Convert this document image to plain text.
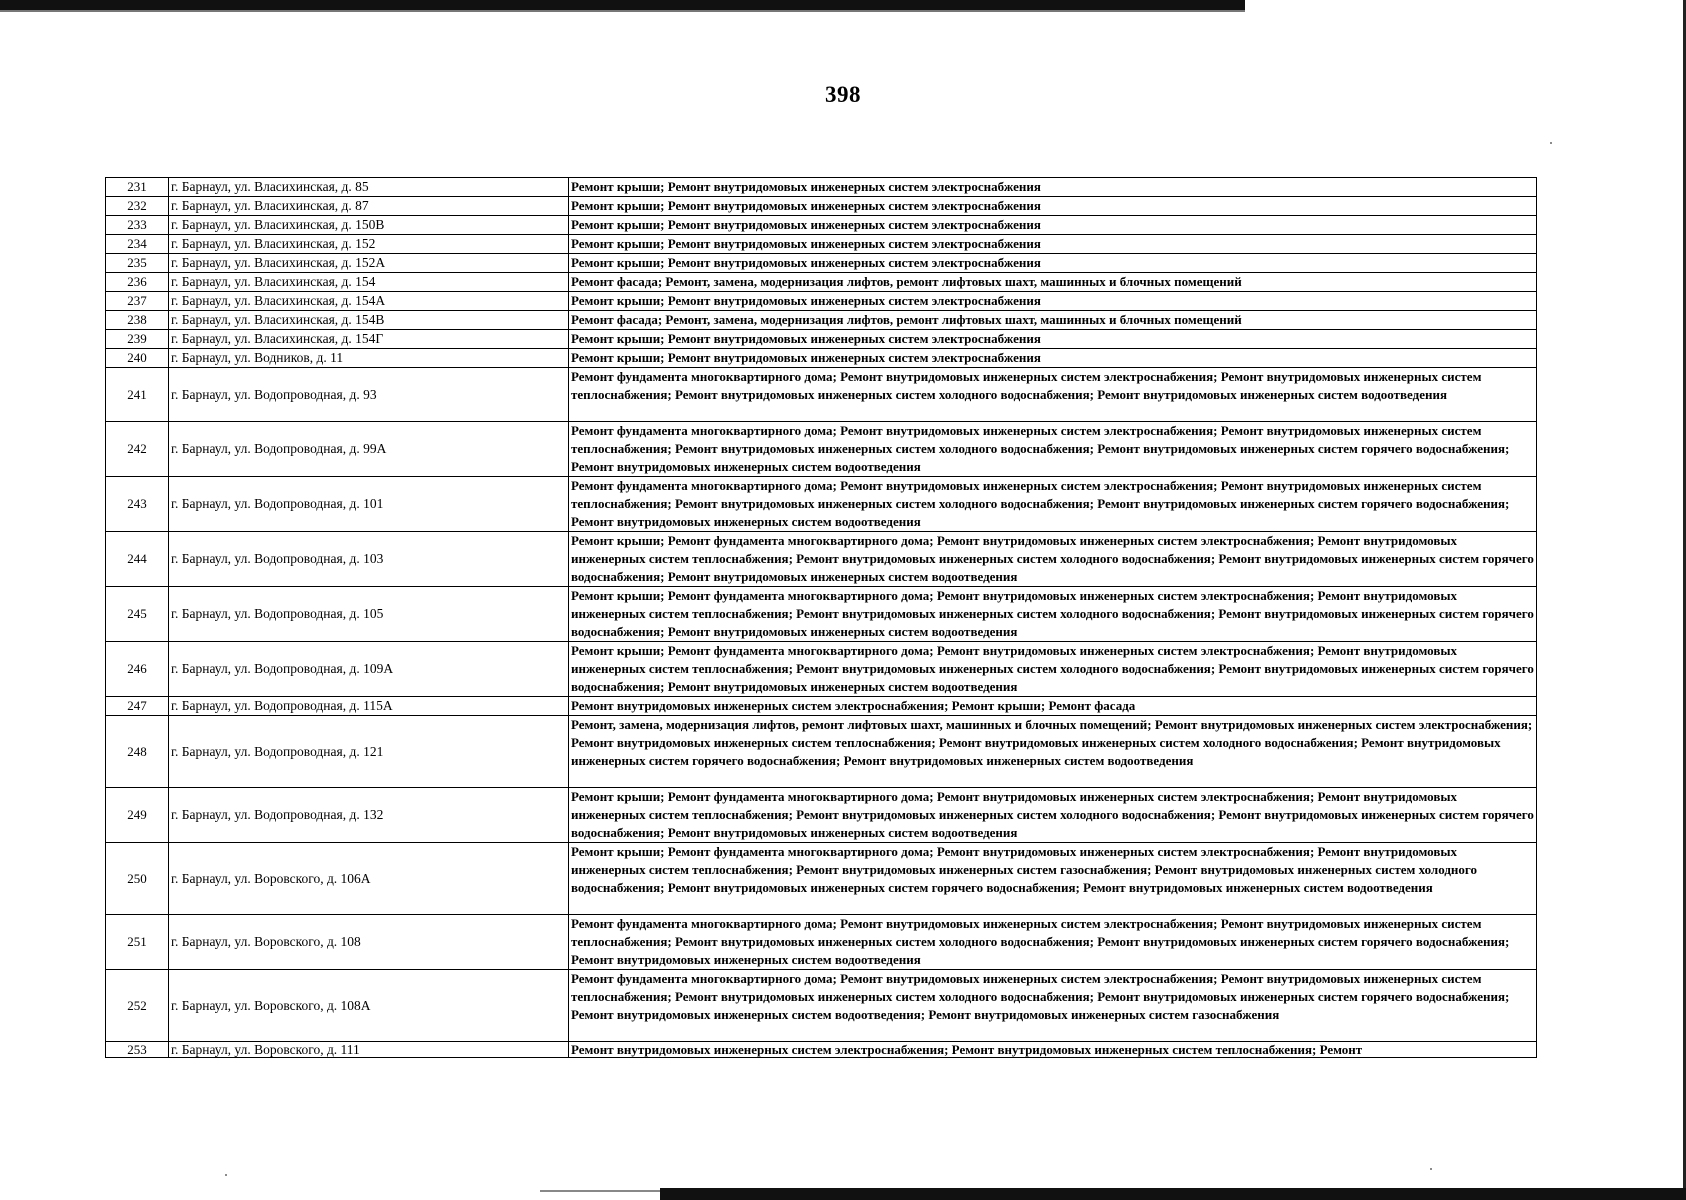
398
231	г. Барнаул, ул. Власихинская, д. 85	Ремонт крыши; Ремонт внутридомовых инженерных систем электроснабжения
232	г. Барнаул, ул. Власихинская, д. 87	Ремонт крыши; Ремонт внутридомовых инженерных систем электроснабжения
233	г. Барнаул, ул. Власихинская, д. 150В	Ремонт крыши; Ремонт внутридомовых инженерных систем электроснабжения
234	г. Барнаул, ул. Власихинская, д. 152	Ремонт крыши; Ремонт внутридомовых инженерных систем электроснабжения
235	г. Барнаул, ул. Власихинская, д. 152А	Ремонт крыши; Ремонт внутридомовых инженерных систем электроснабжения
236	г. Барнаул, ул. Власихинская, д. 154	Ремонт фасада; Ремонт, замена, модернизация лифтов, ремонт лифтовых шахт, машинных и блочных помещений
237	г. Барнаул, ул. Власихинская, д. 154А	Ремонт крыши; Ремонт внутридомовых инженерных систем электроснабжения
238	г. Барнаул, ул. Власихинская, д. 154В	Ремонт фасада; Ремонт, замена, модернизация лифтов, ремонт лифтовых шахт, машинных и блочных помещений
239	г. Барнаул, ул. Власихинская, д. 154Г	Ремонт крыши; Ремонт внутридомовых инженерных систем электроснабжения
240	г. Барнаул, ул. Водников, д. 11	Ремонт крыши; Ремонт внутридомовых инженерных систем электроснабжения
241	г. Барнаул, ул. Водопроводная, д. 93	Ремонт фундамента многоквартирного дома; Ремонт внутридомовых инженерных систем электроснабжения; Ремонт внутридомовых инженерных систем теплоснабжения; Ремонт внутридомовых инженерных систем холодного водоснабжения; Ремонт внутридомовых инженерных систем водоотведения
242	г. Барнаул, ул. Водопроводная, д. 99А	Ремонт фундамента многоквартирного дома; Ремонт внутридомовых инженерных систем электроснабжения; Ремонт внутридомовых инженерных систем теплоснабжения; Ремонт внутридомовых инженерных систем холодного водоснабжения; Ремонт внутридомовых инженерных систем горячего водоснабжения; Ремонт внутридомовых инженерных систем водоотведения
243	г. Барнаул, ул. Водопроводная, д. 101	Ремонт фундамента многоквартирного дома; Ремонт внутридомовых инженерных систем электроснабжения; Ремонт внутридомовых инженерных систем теплоснабжения; Ремонт внутридомовых инженерных систем холодного водоснабжения; Ремонт внутридомовых инженерных систем горячего водоснабжения; Ремонт внутридомовых инженерных систем водоотведения
244	г. Барнаул, ул. Водопроводная, д. 103	Ремонт крыши; Ремонт фундамента многоквартирного дома; Ремонт внутридомовых инженерных систем электроснабжения; Ремонт внутридомовых инженерных систем теплоснабжения; Ремонт внутридомовых инженерных систем холодного водоснабжения; Ремонт внутридомовых инженерных систем горячего водоснабжения; Ремонт внутридомовых инженерных систем водоотведения
245	г. Барнаул, ул. Водопроводная, д. 105	Ремонт крыши; Ремонт фундамента многоквартирного дома; Ремонт внутридомовых инженерных систем электроснабжения; Ремонт внутридомовых инженерных систем теплоснабжения; Ремонт внутридомовых инженерных систем холодного водоснабжения; Ремонт внутридомовых инженерных систем горячего водоснабжения; Ремонт внутридомовых инженерных систем водоотведения
246	г. Барнаул, ул. Водопроводная, д. 109А	Ремонт крыши; Ремонт фундамента многоквартирного дома; Ремонт внутридомовых инженерных систем электроснабжения; Ремонт внутридомовых инженерных систем теплоснабжения; Ремонт внутридомовых инженерных систем холодного водоснабжения; Ремонт внутридомовых инженерных систем горячего водоснабжения; Ремонт внутридомовых инженерных систем водоотведения
247	г. Барнаул, ул. Водопроводная, д. 115А	Ремонт внутридомовых инженерных систем электроснабжения; Ремонт крыши; Ремонт фасада
248	г. Барнаул, ул. Водопроводная, д. 121	Ремонт, замена, модернизация лифтов, ремонт лифтовых шахт, машинных и блочных помещений; Ремонт внутридомовых инженерных систем электроснабжения; Ремонт внутридомовых инженерных систем теплоснабжения; Ремонт внутридомовых инженерных систем холодного водоснабжения; Ремонт внутридомовых инженерных систем горячего водоснабжения; Ремонт внутридомовых инженерных систем водоотведения
249	г. Барнаул, ул. Водопроводная, д. 132	Ремонт крыши; Ремонт фундамента многоквартирного дома; Ремонт внутридомовых инженерных систем электроснабжения; Ремонт внутридомовых инженерных систем теплоснабжения; Ремонт внутридомовых инженерных систем холодного водоснабжения; Ремонт внутридомовых инженерных систем горячего водоснабжения; Ремонт внутридомовых инженерных систем водоотведения
250	г. Барнаул, ул. Воровского, д. 106А	Ремонт крыши; Ремонт фундамента многоквартирного дома; Ремонт внутридомовых инженерных систем электроснабжения; Ремонт внутридомовых инженерных систем теплоснабжения; Ремонт внутридомовых инженерных систем газоснабжения; Ремонт внутридомовых инженерных систем холодного водоснабжения; Ремонт внутридомовых инженерных систем горячего водоснабжения; Ремонт внутридомовых инженерных систем водоотведения
251	г. Барнаул, ул. Воровского, д. 108	Ремонт фундамента многоквартирного дома; Ремонт внутридомовых инженерных систем электроснабжения; Ремонт внутридомовых инженерных систем теплоснабжения; Ремонт внутридомовых инженерных систем холодного водоснабжения; Ремонт внутридомовых инженерных систем горячего водоснабжения; Ремонт внутридомовых инженерных систем водоотведения
252	г. Барнаул, ул. Воровского, д. 108А	Ремонт фундамента многоквартирного дома; Ремонт внутридомовых инженерных систем электроснабжения; Ремонт внутридомовых инженерных систем теплоснабжения; Ремонт внутридомовых инженерных систем холодного водоснабжения; Ремонт внутридомовых инженерных систем горячего водоснабжения; Ремонт внутридомовых инженерных систем водоотведения; Ремонт внутридомовых инженерных систем газоснабжения
253	г. Барнаул, ул. Воровского, д. 111	Ремонт внутридомовых инженерных систем электроснабжения; Ремонт внутридомовых инженерных систем теплоснабжения; Ремонт
